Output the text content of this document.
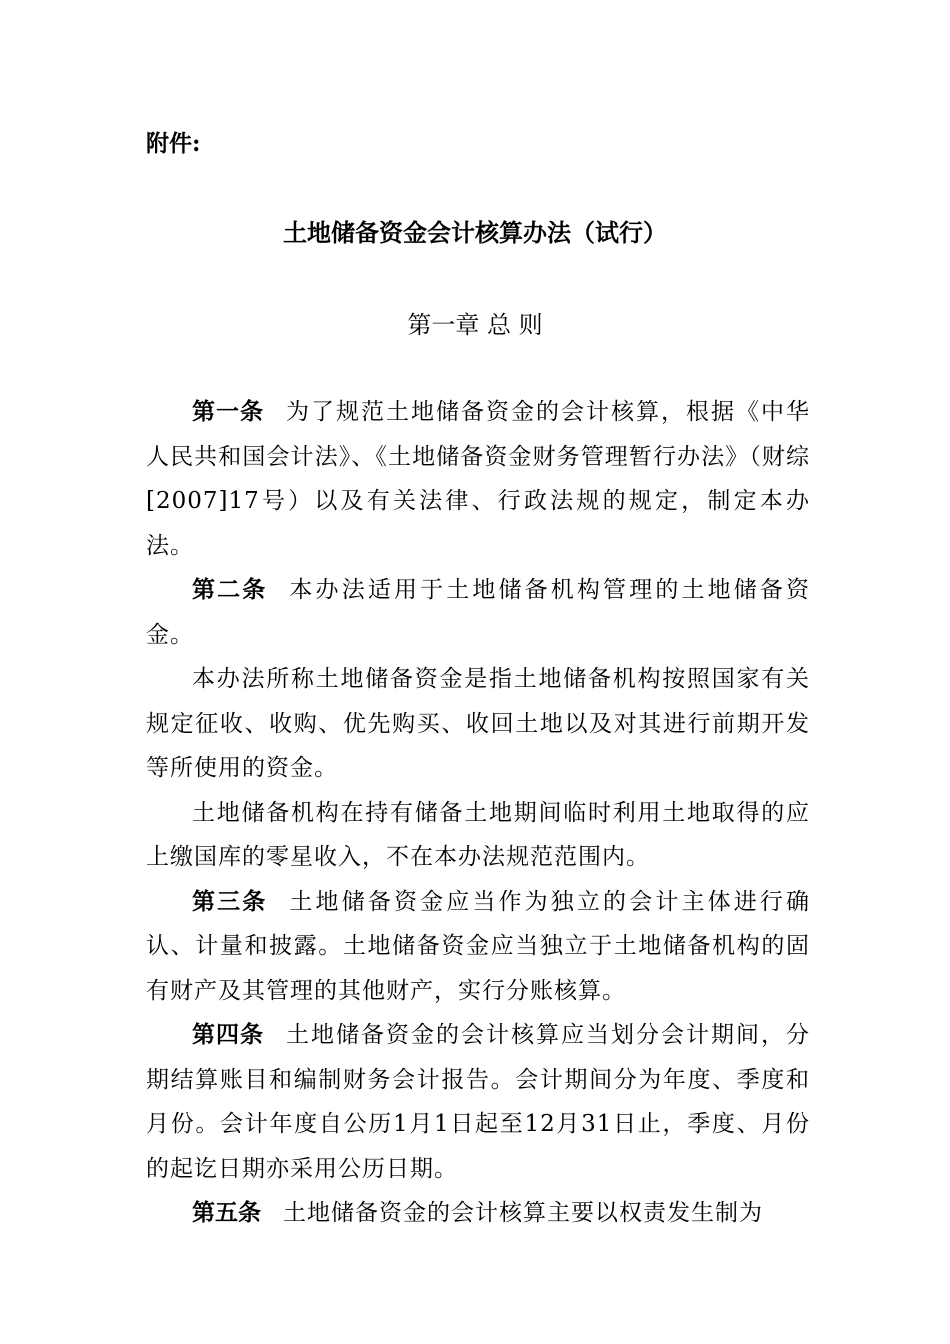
附件:
土地储备资金会计核算办法（试行）
第一章 总 则

第一条 为了规范土地储备资金的会计核算，根据《中华人民共和国会计法》、《土地储备资金财务管理暂行办法》（财综[2007]17号）以及有关法律、行政法规的规定，制定本办法。

第二条 本办法适用于土地储备机构管理的土地储备资金。

本办法所称土地储备资金是指土地储备机构按照国家有关规定征收、收购、优先购买、收回土地以及对其进行前期开发等所使用的资金。

土地储备机构在持有储备土地期间临时利用土地取得的应上缴国库的零星收入，不在本办法规范范围内。

第三条 土地储备资金应当作为独立的会计主体进行确认、计量和披露。土地储备资金应当独立于土地储备机构的固有财产及其管理的其他财产，实行分账核算。

第四条 土地储备资金的会计核算应当划分会计期间，分期结算账目和编制财务会计报告。会计期间分为年度、季度和月份。会计年度自公历1月1日起至12月31日止，季度、月份的起讫日期亦采用公历日期。

第五条 土地储备资金的会计核算主要以权责发生制为
